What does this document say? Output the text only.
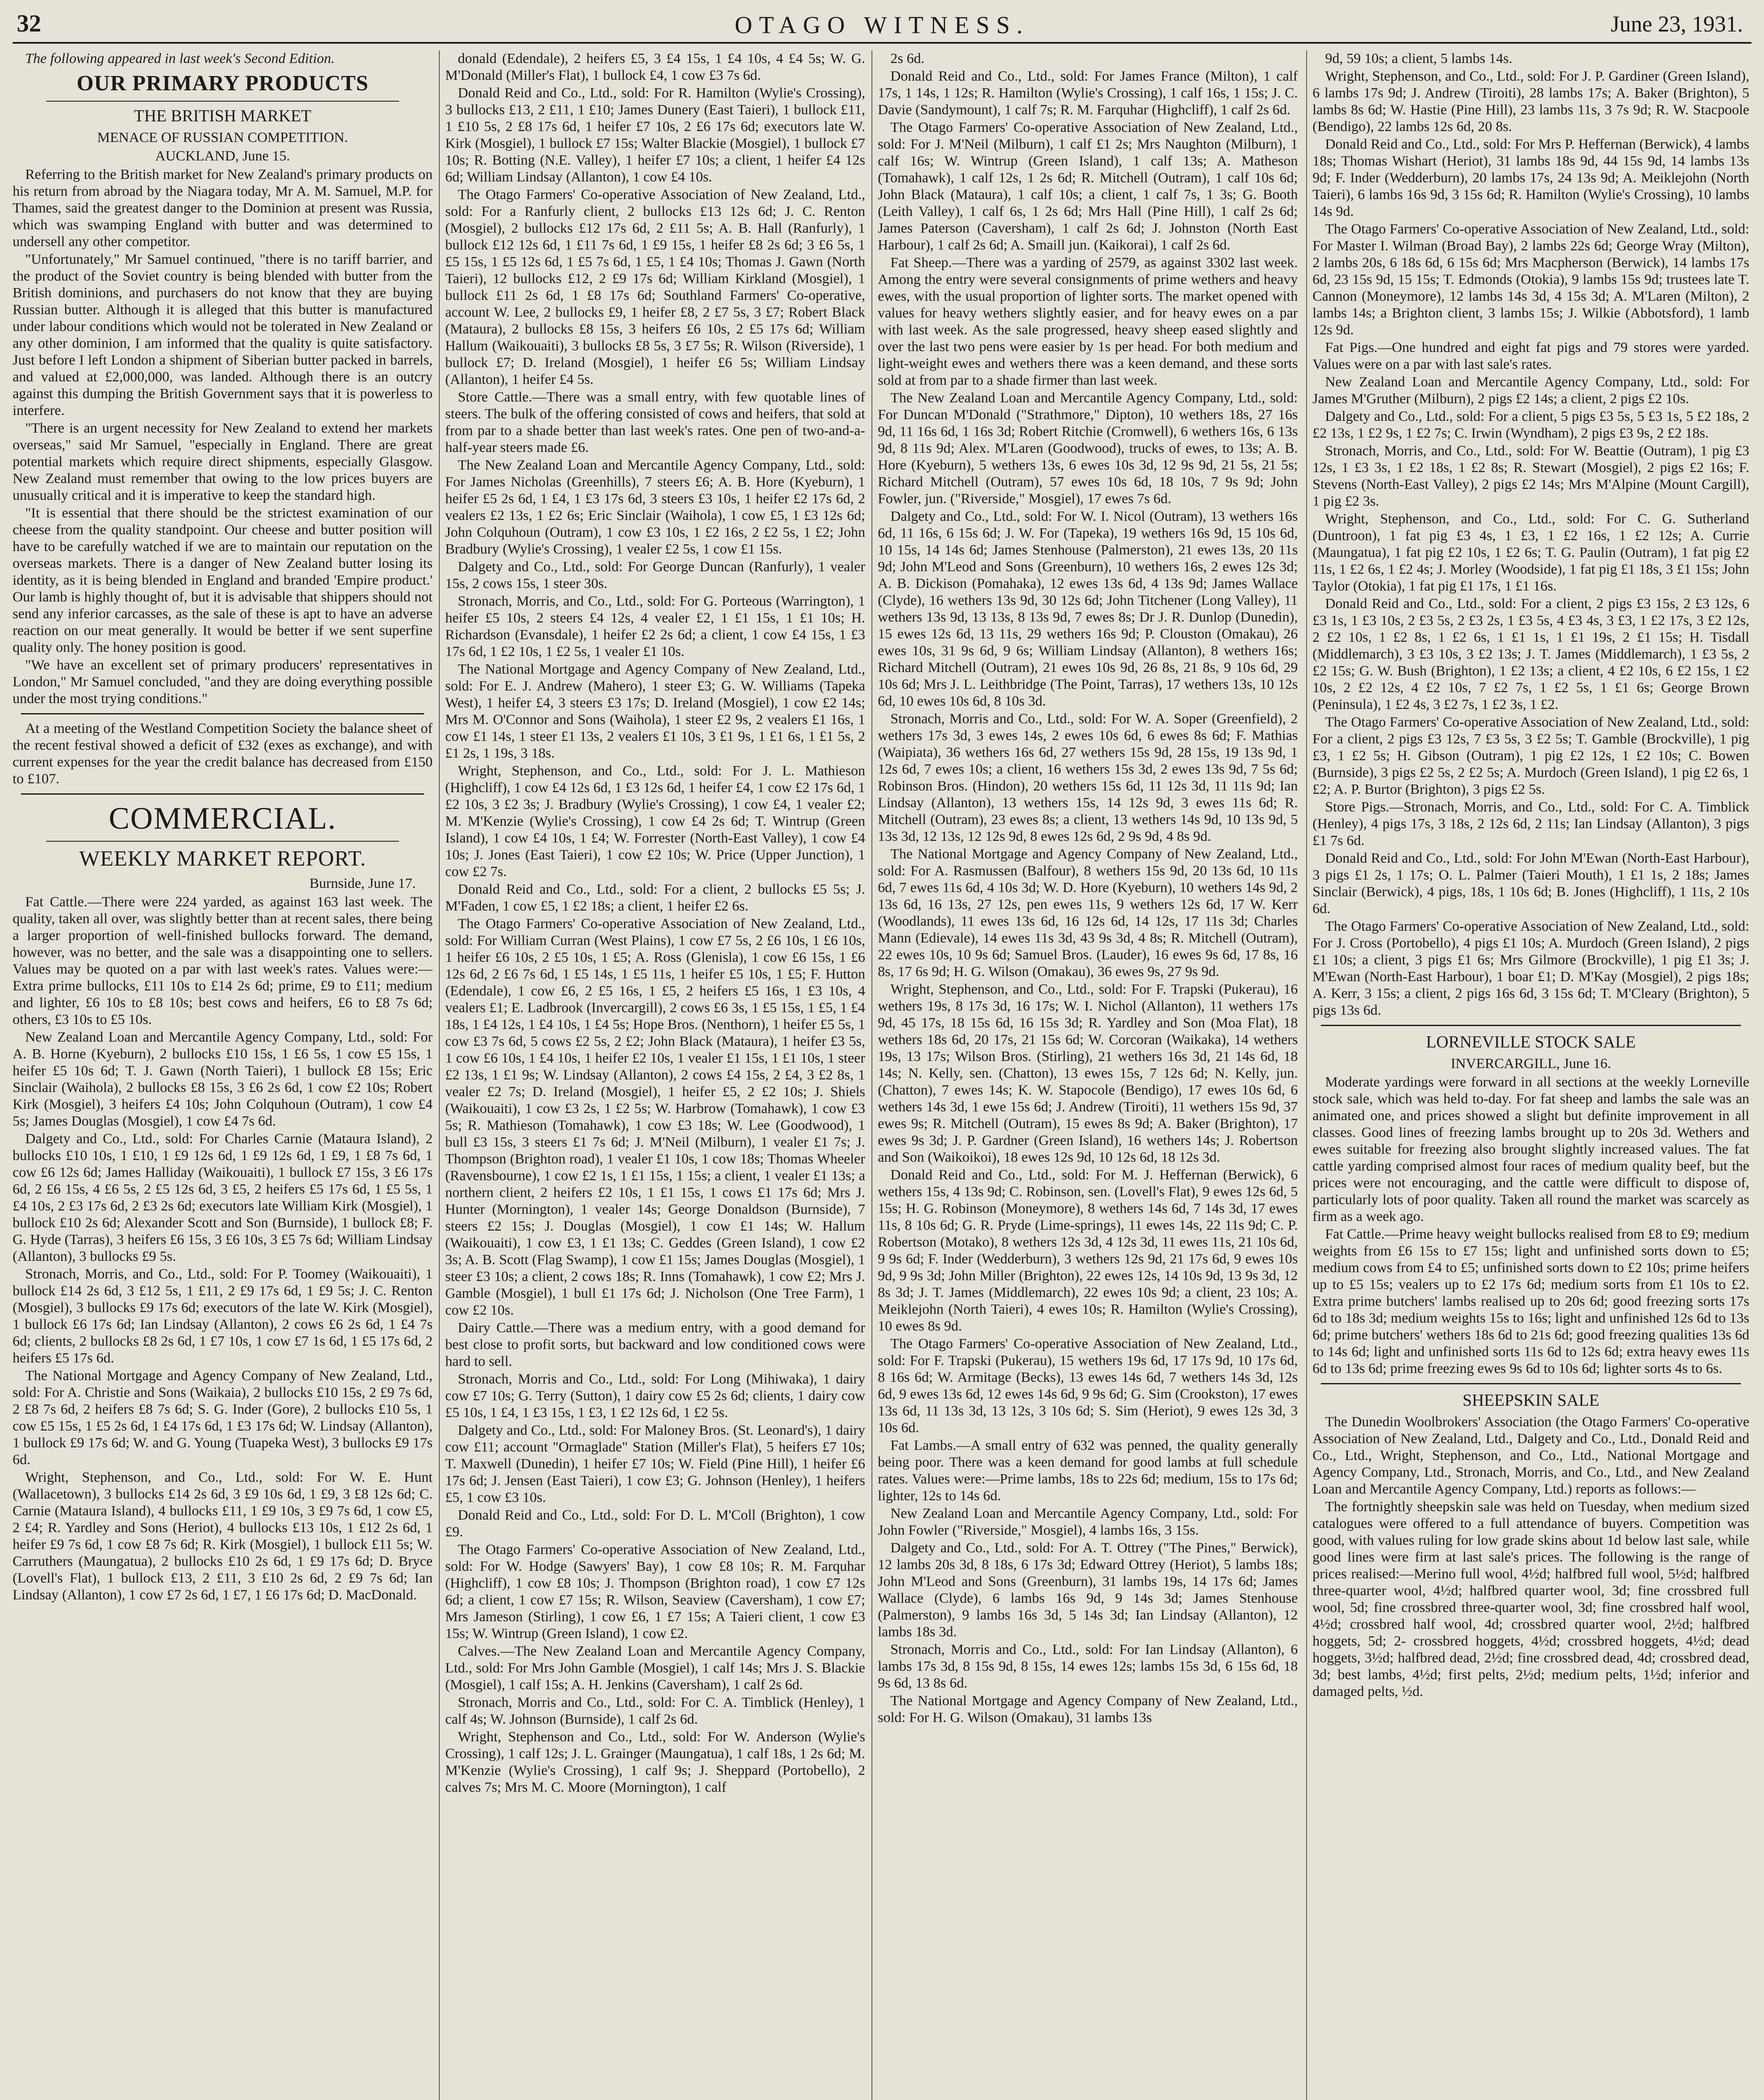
32	OTAGO WITNESS.	June 23, 1931.

The following appeared in last week's Second Edition.

OUR PRIMARY PRODUCTS
THE BRITISH MARKET
MENACE OF RUSSIAN COMPETITION.
AUCKLAND, June 15.

Referring to the British market for New Zealand's primary products on his return from abroad by the Niagara today, Mr A. M. Samuel, M.P. for Thames, said the greatest danger to the Dominion at present was Russia, which was swamping England with butter and was determined to undersell any other competitor.

"Unfortunately," Mr Samuel continued, "there is no tariff barrier, and the product of the Soviet country is being blended with butter from the British dominions, and purchasers do not know that they are buying Russian butter. Although it is alleged that this butter is manufactured under labour conditions which would not be tolerated in New Zealand or any other dominion, I am informed that the quality is quite satisfactory. Just before I left London a shipment of Siberian butter packed in barrels, and valued at £2,000,000, was landed. Although there is an outcry against this dumping the British Government says that it is powerless to interfere.

"There is an urgent necessity for New Zealand to extend her markets overseas," said Mr Samuel, "especially in England. There are great potential markets which require direct shipments, especially Glasgow. New Zealand must remember that owing to the low prices buyers are unusually critical and it is imperative to keep the standard high.

"It is essential that there should be the strictest examination of our cheese from the quality standpoint. Our cheese and butter position will have to be carefully watched if we are to maintain our reputation on the overseas markets. There is a danger of New Zealand butter losing its identity, as it is being blended in England and branded 'Empire product.' Our lamb is highly thought of, but it is advisable that shippers should not send any inferior carcasses, as the sale of these is apt to have an adverse reaction on our meat generally. It would be better if we sent superfine quality only. The honey position is good.

"We have an excellent set of primary producers' representatives in London," Mr Samuel concluded, "and they are doing everything possible under the most trying conditions."

At a meeting of the Westland Competition Society the balance sheet of the recent festival showed a deficit of £32 (exes as exchange), and with current expenses for the year the credit balance has decreased from £150 to £107.

COMMERCIAL.
WEEKLY MARKET REPORT.
Burnside, June 17.

Fat Cattle.—There were 224 yarded, as against 163 last week. The quality, taken all over, was slightly better than at recent sales, there being a larger proportion of well-finished bullocks forward. The demand, however, was no better, and the sale was a disappointing one to sellers. Values may be quoted on a par with last week's rates. Values were:—Extra prime bullocks, £11 10s to £14 2s 6d; prime, £9 to £11; medium and lighter, £6 10s to £8 10s; best cows and heifers, £6 to £8 7s 6d; others, £3 10s to £5 10s.

New Zealand Loan and Mercantile Agency Company, Ltd., sold: For A. B. Horne (Kyeburn), 2 bullocks £10 15s, 1 £6 5s, 1 cow £5 15s, 1 heifer £5 10s 6d; T. J. Gawn (North Taieri), 1 bullock £8 15s; Eric Sinclair (Waihola), 2 bullocks £8 15s, 3 £6 2s 6d, 1 cow £2 10s; Robert Kirk (Mosgiel), 3 heifers £4 10s; John Colquhoun (Outram), 1 cow £4 5s; James Douglas (Mosgiel), 1 cow £4 7s 6d.

Dalgety and Co., Ltd., sold: For Charles Carnie (Mataura Island), 2 bullocks £10 10s, 1 £10, 1 £9 12s 6d, 1 £9 12s 6d, 1 £9, 1 £8 7s 6d, 1 cow £6 12s 6d; James Halliday (Waikouaiti), 1 bullock £7 15s, 3 £6 17s 6d, 2 £6 15s, 4 £6 5s, 2 £5 12s 6d, 3 £5, 2 heifers £5 17s 6d, 1 £5 5s, 1 £4 10s, 2 £3 17s 6d, 2 £3 2s 6d; executors late William Kirk (Mosgiel), 1 bullock £10 2s 6d; Alexander Scott and Son (Burnside), 1 bullock £8; F. G. Hyde (Tarras), 3 heifers £6 15s, 3 £6 10s, 3 £5 7s 6d; William Lindsay (Allanton), 3 bullocks £9 5s.

Stronach, Morris, and Co., Ltd., sold: For P. Toomey (Waikouaiti), 1 bullock £14 2s 6d, 3 £12 5s, 1 £11, 2 £9 17s 6d, 1 £9 5s; J. C. Renton (Mosgiel), 3 bullocks £9 17s 6d; executors of the late W. Kirk (Mosgiel), 1 bullock £6 17s 6d; Ian Lindsay (Allanton), 2 cows £6 2s 6d, 1 £4 7s 6d; clients, 2 bullocks £8 2s 6d, 1 £7 10s, 1 cow £7 1s 6d, 1 £5 17s 6d, 2 heifers £5 17s 6d.

The National Mortgage and Agency Company of New Zealand, Ltd., sold: For A. Christie and Sons (Waikaia), 2 bullocks £10 15s, 2 £9 7s 6d, 2 £8 7s 6d, 2 heifers £8 7s 6d; S. G. Inder (Gore), 2 bullocks £10 5s, 1 cow £5 15s, 1 £5 2s 6d, 1 £4 17s 6d, 1 £3 17s 6d; W. Lindsay (Allanton), 1 bullock £9 17s 6d; W. and G. Young (Tuapeka West), 3 bullocks £9 17s 6d.

Wright, Stephenson, and Co., Ltd., sold: For W. E. Hunt (Wallacetown), 3 bullocks £14 2s 6d, 3 £9 10s 6d, 1 £9, 3 £8 12s 6d; C. Carnie (Mataura Island), 4 bullocks £11, 1 £9 10s, 3 £9 7s 6d, 1 cow £5, 2 £4; R. Yardley and Sons (Heriot), 4 bullocks £13 10s, 1 £12 2s 6d, 1 heifer £9 7s 6d, 1 cow £8 7s 6d; R. Kirk (Mosgiel), 1 bullock £11 5s; W. Carruthers (Maungatua), 2 bullocks £10 2s 6d, 1 £9 17s 6d; D. Bryce (Lovell's Flat), 1 bullock £13, 2 £11, 3 £10 2s 6d, 2 £9 7s 6d; Ian Lindsay (Allanton), 1 cow £7 2s 6d, 1 £7, 1 £6 17s 6d; D. MacDonald.

donald (Edendale), 2 heifers £5, 3 £4 15s, 1 £4 10s, 4 £4 5s; W. G. M'Donald (Miller's Flat), 1 bullock £4, 1 cow £3 7s 6d.

Donald Reid and Co., Ltd., sold: For R. Hamilton (Wylie's Crossing), 3 bullocks £13, 2 £11, 1 £10; James Dunery (East Taieri), 1 bullock £11, 1 £10 5s, 2 £8 17s 6d, 1 heifer £7 10s, 2 £6 17s 6d; executors late W. Kirk (Mosgiel), 1 bullock £7 15s; Walter Blackie (Mosgiel), 1 bullock £7 10s; R. Botting (N.E. Valley), 1 heifer £7 10s; a client, 1 heifer £4 12s 6d; William Lindsay (Allanton), 1 cow £4 10s.

The Otago Farmers' Co-operative Association of New Zealand, Ltd., sold: For a Ranfurly client, 2 bullocks £13 12s 6d; J. C. Renton (Mosgiel), 2 bullocks £12 17s 6d, 2 £11 5s; A. B. Hall (Ranfurly), 1 bullock £12 12s 6d, 1 £11 7s 6d, 1 £9 15s, 1 heifer £8 2s 6d; 3 £6 5s, 1 £5 15s, 1 £5 12s 6d, 1 £5 7s 6d, 1 £5, 1 £4 10s; Thomas J. Gawn (North Taieri), 12 bullocks £12, 2 £9 17s 6d; William Kirkland (Mosgiel), 1 bullock £11 2s 6d, 1 £8 17s 6d; Southland Farmers' Co-operative, account W. Lee, 2 bullocks £9, 1 heifer £8, 2 £7 5s, 3 £7; Robert Black (Mataura), 2 bullocks £8 15s, 3 heifers £6 10s, 2 £5 17s 6d; William Hallum (Waikouaiti), 3 bullocks £8 5s, 3 £7 5s; R. Wilson (Riverside), 1 bullock £7; D. Ireland (Mosgiel), 1 heifer £6 5s; William Lindsay (Allanton), 1 heifer £4 5s.

Store Cattle.—There was a small entry, with few quotable lines of steers. The bulk of the offering consisted of cows and heifers, that sold at from par to a shade better than last week's rates. One pen of two-and-a-half-year steers made £6.

The New Zealand Loan and Mercantile Agency Company, Ltd., sold: For James Nicholas (Greenhills), 7 steers £6; A. B. Hore (Kyeburn), 1 heifer £5 2s 6d, 1 £4, 1 £3 17s 6d, 3 steers £3 10s, 1 heifer £2 17s 6d, 2 vealers £2 13s, 1 £2 6s; Eric Sinclair (Waihola), 1 cow £5, 1 £3 12s 6d; John Colquhoun (Outram), 1 cow £3 10s, 1 £2 16s, 2 £2 5s, 1 £2; John Bradbury (Wylie's Crossing), 1 vealer £2 5s, 1 cow £1 15s.

Dalgety and Co., Ltd., sold: For George Duncan (Ranfurly), 1 vealer 15s, 2 cows 15s, 1 steer 30s.

Stronach, Morris, and Co., Ltd., sold: For G. Porteous (Warrington), 1 heifer £5 10s, 2 steers £4 12s, 4 vealer £2, 1 £1 15s, 1 £1 10s; H. Richardson (Evansdale), 1 heifer £2 2s 6d; a client, 1 cow £4 15s, 1 £3 17s 6d, 1 £2 10s, 1 £2 5s, 1 vealer £1 10s.

The National Mortgage and Agency Company of New Zealand, Ltd., sold: For E. J. Andrew (Mahero), 1 steer £3; G. W. Williams (Tapeka West), 1 heifer £4, 3 steers £3 17s; D. Ireland (Mosgiel), 1 cow £2 14s; Mrs M. O'Connor and Sons (Waihola), 1 steer £2 9s, 2 vealers £1 16s, 1 cow £1 14s, 1 steer £1 13s, 2 vealers £1 10s, 3 £1 9s, 1 £1 6s, 1 £1 5s, 2 £1 2s, 1 19s, 3 18s.

Wright, Stephenson, and Co., Ltd., sold: For J. L. Mathieson (Highcliff), 1 cow £4 12s 6d, 1 £3 12s 6d, 1 heifer £4, 1 cow £2 17s 6d, 1 £2 10s, 3 £2 3s; J. Bradbury (Wylie's Crossing), 1 cow £4, 1 vealer £2; M. M'Kenzie (Wylie's Crossing), 1 cow £4 2s 6d; T. Wintrup (Green Island), 1 cow £4 10s, 1 £4; W. Forrester (North-East Valley), 1 cow £4 10s; J. Jones (East Taieri), 1 cow £2 10s; W. Price (Upper Junction), 1 cow £2 7s.

Donald Reid and Co., Ltd., sold: For a client, 2 bullocks £5 5s; J. M'Faden, 1 cow £5, 1 £2 18s; a client, 1 heifer £2 6s.

The Otago Farmers' Co-operative Association of New Zealand, Ltd., sold: For William Curran (West Plains), 1 cow £7 5s, 2 £6 10s, 1 £6 10s, 1 heifer £6 10s, 2 £5 10s, 1 £5; A. Ross (Glenisla), 1 cow £6 15s, 1 £6 12s 6d, 2 £6 7s 6d, 1 £5 14s, 1 £5 11s, 1 heifer £5 10s, 1 £5; F. Hutton (Edendale), 1 cow £6, 2 £5 16s, 1 £5, 2 heifers £5 16s, 1 £3 10s, 4 vealers £1; E. Ladbrook (Invercargill), 2 cows £6 3s, 1 £5 15s, 1 £5, 1 £4 18s, 1 £4 12s, 1 £4 10s, 1 £4 5s; Hope Bros. (Nenthorn), 1 heifer £5 5s, 1 cow £3 7s 6d, 5 cows £2 5s, 2 £2; John Black (Mataura), 1 heifer £3 5s, 1 cow £6 10s, 1 £4 10s, 1 heifer £2 10s, 1 vealer £1 15s, 1 £1 10s, 1 steer £2 13s, 1 £1 9s; W. Lindsay (Allanton), 2 cows £4 15s, 2 £4, 3 £2 8s, 1 vealer £2 7s; D. Ireland (Mosgiel), 1 heifer £5, 2 £2 10s; J. Shiels (Waikouaiti), 1 cow £3 2s, 1 £2 5s; W. Harbrow (Tomahawk), 1 cow £3 5s; R. Mathieson (Tomahawk), 1 cow £3 18s; W. Lee (Goodwood), 1 bull £3 15s, 3 steers £1 7s 6d; J. M'Neil (Milburn), 1 vealer £1 7s; J. Thompson (Brighton road), 1 vealer £1 10s, 1 cow 18s; Thomas Wheeler (Ravensbourne), 1 cow £2 1s, 1 £1 15s, 1 15s; a client, 1 vealer £1 13s; a northern client, 2 heifers £2 10s, 1 £1 15s, 1 cows £1 17s 6d; Mrs J. Hunter (Mornington), 1 vealer 14s; George Donaldson (Burnside), 7 steers £2 15s; J. Douglas (Mosgiel), 1 cow £1 14s; W. Hallum (Waikouaiti), 1 cow £3, 1 £1 13s; C. Geddes (Green Island), 1 cow £2 3s; A. B. Scott (Flag Swamp), 1 cow £1 15s; James Douglas (Mosgiel), 1 steer £3 10s; a client, 2 cows 18s; R. Inns (Tomahawk), 1 cow £2; Mrs J. Gamble (Mosgiel), 1 bull £1 17s 6d; J. Nicholson (One Tree Farm), 1 cow £2 10s.

Dairy Cattle.—There was a medium entry, with a good demand for best close to profit sorts, but backward and low conditioned cows were hard to sell.

Stronach, Morris and Co., Ltd., sold: For Long (Mihiwaka), 1 dairy cow £7 10s; G. Terry (Sutton), 1 dairy cow £5 2s 6d; clients, 1 dairy cow £5 10s, 1 £4, 1 £3 15s, 1 £3, 1 £2 12s 6d, 1 £2 5s.

Dalgety and Co., Ltd., sold: For Maloney Bros. (St. Leonard's), 1 dairy cow £11; account "Ormaglade" Station (Miller's Flat), 5 heifers £7 10s; T. Maxwell (Dunedin), 1 heifer £7 10s; W. Field (Pine Hill), 1 heifer £6 17s 6d; J. Jensen (East Taieri), 1 cow £3; G. Johnson (Henley), 1 heifers £5, 1 cow £3 10s.

Donald Reid and Co., Ltd., sold: For D. L. M'Coll (Brighton), 1 cow £9.

The Otago Farmers' Co-operative Association of New Zealand, Ltd., sold: For W. Hodge (Sawyers' Bay), 1 cow £8 10s; R. M. Farquhar (Highcliff), 1 cow £8 10s; J. Thompson (Brighton road), 1 cow £7 12s 6d; a client, 1 cow £7 15s; R. Wilson, Seaview (Caversham), 1 cow £7; Mrs Jameson (Stirling), 1 cow £6, 1 £7 15s; A Taieri client, 1 cow £3 15s; W. Wintrup (Green Island), 1 cow £2.

Calves.—The New Zealand Loan and Mercantile Agency Company, Ltd., sold: For Mrs John Gamble (Mosgiel), 1 calf 14s; Mrs J. S. Blackie (Mosgiel), 1 calf 15s; A. H. Jenkins (Caversham), 1 calf 2s 6d.

Stronach, Morris and Co., Ltd., sold: For C. A. Timblick (Henley), 1 calf 4s; W. Johnson (Burnside), 1 calf 2s 6d.

Wright, Stephenson and Co., Ltd., sold: For W. Anderson (Wylie's Crossing), 1 calf 12s; J. L. Grainger (Maungatua), 1 calf 18s, 1 2s 6d; M. M'Kenzie (Wylie's Crossing), 1 calf 9s; J. Sheppard (Portobello), 2 calves 7s; Mrs M. C. Moore (Mornington), 1 calf

2s 6d.

Donald Reid and Co., Ltd., sold: For James France (Milton), 1 calf 17s, 1 14s, 1 12s; R. Hamilton (Wylie's Crossing), 1 calf 16s, 1 15s; J. C. Davie (Sandymount), 1 calf 7s; R. M. Farquhar (Highcliff), 1 calf 2s 6d.

The Otago Farmers' Co-operative Association of New Zealand, Ltd., sold: For J. M'Neil (Milburn), 1 calf £1 2s; Mrs Naughton (Milburn), 1 calf 16s; W. Wintrup (Green Island), 1 calf 13s; A. Matheson (Tomahawk), 1 calf 12s, 1 2s 6d; R. Mitchell (Outram), 1 calf 10s 6d; John Black (Mataura), 1 calf 10s; a client, 1 calf 7s, 1 3s; G. Booth (Leith Valley), 1 calf 6s, 1 2s 6d; Mrs Hall (Pine Hill), 1 calf 2s 6d; James Paterson (Caversham), 1 calf 2s 6d; J. Johnston (North East Harbour), 1 calf 2s 6d; A. Smaill jun. (Kaikorai), 1 calf 2s 6d.

Fat Sheep.—There was a yarding of 2579, as against 3302 last week. Among the entry were several consignments of prime wethers and heavy ewes, with the usual proportion of lighter sorts. The market opened with values for heavy wethers slightly easier, and for heavy ewes on a par with last week. As the sale progressed, heavy sheep eased slightly and over the last two pens were easier by 1s per head. For both medium and light-weight ewes and wethers there was a keen demand, and these sorts sold at from par to a shade firmer than last week.

The New Zealand Loan and Mercantile Agency Company, Ltd., sold: For Duncan M'Donald ("Strathmore," Dipton), 10 wethers 18s, 27 16s 9d, 11 16s 6d, 1 16s 3d; Robert Ritchie (Cromwell), 6 wethers 16s, 6 13s 9d, 8 11s 9d; Alex. M'Laren (Goodwood), trucks of ewes, to 13s; A. B. Hore (Kyeburn), 5 wethers 13s, 6 ewes 10s 3d, 12 9s 9d, 21 5s, 21 5s; Richard Mitchell (Outram), 57 ewes 10s 6d, 18 10s, 7 9s 9d; John Fowler, jun. ("Riverside," Mosgiel), 17 ewes 7s 6d.

Dalgety and Co., Ltd., sold: For W. I. Nicol (Outram), 13 wethers 16s 6d, 11 16s, 6 15s 6d; J. W. For (Tapeka), 19 wethers 16s 9d, 15 10s 6d, 10 15s, 14 14s 6d; James Stenhouse (Palmerston), 21 ewes 13s, 20 11s 9d; John M'Leod and Sons (Greenburn), 10 wethers 16s, 2 ewes 12s 3d; A. B. Dickison (Pomahaka), 12 ewes 13s 6d, 4 13s 9d; James Wallace (Clyde), 16 wethers 13s 9d, 30 12s 6d; John Titchener (Long Valley), 11 wethers 13s 9d, 13 13s, 8 13s 9d, 7 ewes 8s; Dr J. R. Dunlop (Dunedin), 15 ewes 12s 6d, 13 11s, 29 wethers 16s 9d; P. Clouston (Omakau), 26 ewes 10s, 31 9s 6d, 9 6s; William Lindsay (Allanton), 8 wethers 16s; Richard Mitchell (Outram), 21 ewes 10s 9d, 26 8s, 21 8s, 9 10s 6d, 29 10s 6d; Mrs J. L. Leithbridge (The Point, Tarras), 17 wethers 13s, 10 12s 6d, 10 ewes 10s 6d, 8 10s 3d.

Stronach, Morris and Co., Ltd., sold: For W. A. Soper (Greenfield), 2 wethers 17s 3d, 3 ewes 14s, 2 ewes 10s 6d, 6 ewes 8s 6d; F. Mathias (Waipiata), 36 wethers 16s 6d, 27 wethers 15s 9d, 28 15s, 19 13s 9d, 1 12s 6d, 7 ewes 10s; a client, 16 wethers 15s 3d, 2 ewes 13s 9d, 7 5s 6d; Robinson Bros. (Hindon), 20 wethers 15s 6d, 11 12s 3d, 11 11s 9d; Ian Lindsay (Allanton), 13 wethers 15s, 14 12s 9d, 3 ewes 11s 6d; R. Mitchell (Outram), 23 ewes 8s; a client, 13 wethers 14s 9d, 10 13s 9d, 5 13s 3d, 12 13s, 12 12s 9d, 8 ewes 12s 6d, 2 9s 9d, 4 8s 9d.

The National Mortgage and Agency Company of New Zealand, Ltd., sold: For A. Rasmussen (Balfour), 8 wethers 15s 9d, 20 13s 6d, 10 11s 6d, 7 ewes 11s 6d, 4 10s 3d; W. D. Hore (Kyeburn), 10 wethers 14s 9d, 2 13s 6d, 16 13s, 27 12s, pen ewes 11s, 9 wethers 12s 6d, 17 W. Kerr (Woodlands), 11 ewes 13s 6d, 16 12s 6d, 14 12s, 17 11s 3d; Charles Mann (Edievale), 14 ewes 11s 3d, 43 9s 3d, 4 8s; R. Mitchell (Outram), 22 ewes 10s, 10 9s 6d; Samuel Bros. (Lauder), 16 ewes 9s 6d, 17 8s, 16 8s, 17 6s 9d; H. G. Wilson (Omakau), 36 ewes 9s, 27 9s 9d.

Wright, Stephenson, and Co., Ltd., sold: For F. Trapski (Pukerau), 16 wethers 19s, 8 17s 3d, 16 17s; W. I. Nichol (Allanton), 11 wethers 17s 9d, 45 17s, 18 15s 6d, 16 15s 3d; R. Yardley and Son (Moa Flat), 18 wethers 18s 6d, 20 17s, 21 15s 6d; W. Corcoran (Waikaka), 14 wethers 19s, 13 17s; Wilson Bros. (Stirling), 21 wethers 16s 3d, 21 14s 6d, 18 14s; N. Kelly, sen. (Chatton), 13 ewes 15s, 7 12s 6d; N. Kelly, jun. (Chatton), 7 ewes 14s; K. W. Stapocole (Bendigo), 17 ewes 10s 6d, 6 wethers 14s 3d, 1 ewe 15s 6d; J. Andrew (Tiroiti), 11 wethers 15s 9d, 37 ewes 9s; R. Mitchell (Outram), 15 ewes 8s 9d; A. Baker (Brighton), 17 ewes 9s 3d; J. P. Gardner (Green Island), 16 wethers 14s; J. Robertson and Son (Waikoikoi), 18 ewes 12s 9d, 10 12s 6d, 18 12s 3d.

Donald Reid and Co., Ltd., sold: For M. J. Heffernan (Berwick), 6 wethers 15s, 4 13s 9d; C. Robinson, sen. (Lovell's Flat), 9 ewes 12s 6d, 5 15s; H. G. Robinson (Moneymore), 8 wethers 14s 6d, 7 14s 3d, 17 ewes 11s, 8 10s 6d; G. R. Pryde (Lime-springs), 11 ewes 14s, 22 11s 9d; C. P. Robertson (Motako), 8 wethers 12s 3d, 4 12s 3d, 11 ewes 11s, 21 10s 6d, 9 9s 6d; F. Inder (Wedderburn), 3 wethers 12s 9d, 21 17s 6d, 9 ewes 10s 9d, 9 9s 3d; John Miller (Brighton), 22 ewes 12s, 14 10s 9d, 13 9s 3d, 12 8s 3d; J. T. James (Middlemarch), 22 ewes 10s 9d; a client, 23 10s; A. Meiklejohn (North Taieri), 4 ewes 10s; R. Hamilton (Wylie's Crossing), 10 ewes 8s 9d.

The Otago Farmers' Co-operative Association of New Zealand, Ltd., sold: For F. Trapski (Pukerau), 15 wethers 19s 6d, 17 17s 9d, 10 17s 6d, 8 16s 6d; W. Armitage (Becks), 13 ewes 14s 6d, 7 wethers 14s 3d, 12s 6d, 9 ewes 13s 6d, 12 ewes 14s 6d, 9 9s 6d; G. Sim (Crookston), 17 ewes 13s 6d, 11 13s 3d, 13 12s, 3 10s 6d; S. Sim (Heriot), 9 ewes 12s 3d, 3 10s 6d.

Fat Lambs.—A small entry of 632 was penned, the quality generally being poor. There was a keen demand for good lambs at full schedule rates. Values were:—Prime lambs, 18s to 22s 6d; medium, 15s to 17s 6d; lighter, 12s to 14s 6d.

New Zealand Loan and Mercantile Agency Company, Ltd., sold: For John Fowler ("Riverside," Mosgiel), 4 lambs 16s, 3 15s.

Dalgety and Co., Ltd., sold: For A. T. Ottrey ("The Pines," Berwick), 12 lambs 20s 3d, 8 18s, 6 17s 3d; Edward Ottrey (Heriot), 5 lambs 18s; John M'Leod and Sons (Greenburn), 31 lambs 19s, 14 17s 6d; James Wallace (Clyde), 6 lambs 16s 9d, 9 14s 3d; James Stenhouse (Palmerston), 9 lambs 16s 3d, 5 14s 3d; Ian Lindsay (Allanton), 12 lambs 18s 3d.

Stronach, Morris and Co., Ltd., sold: For Ian Lindsay (Allanton), 6 lambs 17s 3d, 8 15s 9d, 8 15s, 14 ewes 12s; lambs 15s 3d, 6 15s 6d, 18 9s 6d, 13 8s 6d.

The National Mortgage and Agency Company of New Zealand, Ltd., sold: For H. G. Wilson (Omakau), 31 lambs 13s

9d, 59 10s; a client, 5 lambs 14s.

Wright, Stephenson, and Co., Ltd., sold: For J. P. Gardiner (Green Island), 6 lambs 17s 9d; J. Andrew (Tiroiti), 28 lambs 17s; A. Baker (Brighton), 5 lambs 8s 6d; W. Hastie (Pine Hill), 23 lambs 11s, 3 7s 9d; R. W. Stacpoole (Bendigo), 22 lambs 12s 6d, 20 8s.

Donald Reid and Co., Ltd., sold: For Mrs P. Heffernan (Berwick), 4 lambs 18s; Thomas Wishart (Heriot), 31 lambs 18s 9d, 44 15s 9d, 14 lambs 13s 9d; F. Inder (Wedderburn), 20 lambs 17s, 24 13s 9d; A. Meiklejohn (North Taieri), 6 lambs 16s 9d, 3 15s 6d; R. Hamilton (Wylie's Crossing), 10 lambs 14s 9d.

The Otago Farmers' Co-operative Association of New Zealand, Ltd., sold: For Master I. Wilman (Broad Bay), 2 lambs 22s 6d; George Wray (Milton), 2 lambs 20s, 6 18s 6d, 6 15s 6d; Mrs Macpherson (Berwick), 14 lambs 17s 6d, 23 15s 9d, 15 15s; T. Edmonds (Otokia), 9 lambs 15s 9d; trustees late T. Cannon (Moneymore), 12 lambs 14s 3d, 4 15s 3d; A. M'Laren (Milton), 2 lambs 14s; a Brighton client, 3 lambs 15s; J. Wilkie (Abbotsford), 1 lamb 12s 9d.

Fat Pigs.—One hundred and eight fat pigs and 79 stores were yarded. Values were on a par with last sale's rates.

New Zealand Loan and Mercantile Agency Company, Ltd., sold: For James M'Gruther (Milburn), 2 pigs £2 14s; a client, 2 pigs £2 10s.

Dalgety and Co., Ltd., sold: For a client, 5 pigs £3 5s, 5 £3 1s, 5 £2 18s, 2 £2 13s, 1 £2 9s, 1 £2 7s; C. Irwin (Wyndham), 2 pigs £3 9s, 2 £2 18s.

Stronach, Morris, and Co., Ltd., sold: For W. Beattie (Outram), 1 pig £3 12s, 1 £3 3s, 1 £2 18s, 1 £2 8s; R. Stewart (Mosgiel), 2 pigs £2 16s; F. Stevens (North-East Valley), 2 pigs £2 14s; Mrs M'Alpine (Mount Cargill), 1 pig £2 3s.

Wright, Stephenson, and Co., Ltd., sold: For C. G. Sutherland (Duntroon), 1 fat pig £3 4s, 1 £3, 1 £2 16s, 1 £2 12s; A. Currie (Maungatua), 1 fat pig £2 10s, 1 £2 6s; T. G. Paulin (Outram), 1 fat pig £2 11s, 1 £2 6s, 1 £2 4s; J. Morley (Woodside), 1 fat pig £1 18s, 3 £1 15s; John Taylor (Otokia), 1 fat pig £1 17s, 1 £1 16s.

Donald Reid and Co., Ltd., sold: For a client, 2 pigs £3 15s, 2 £3 12s, 6 £3 1s, 1 £3 10s, 2 £3 5s, 2 £3 2s, 1 £3 5s, 4 £3 4s, 3 £3, 1 £2 17s, 3 £2 12s, 2 £2 10s, 1 £2 8s, 1 £2 6s, 1 £1 1s, 1 £1 19s, 2 £1 15s; H. Tisdall (Middlemarch), 3 £3 10s, 3 £2 13s; J. T. James (Middlemarch), 1 £3 5s, 2 £2 15s; G. W. Bush (Brighton), 1 £2 13s; a client, 4 £2 10s, 6 £2 15s, 1 £2 10s, 2 £2 12s, 4 £2 10s, 7 £2 7s, 1 £2 5s, 1 £1 6s; George Brown (Peninsula), 1 £2 4s, 3 £2 7s, 1 £2 3s, 1 £2.

The Otago Farmers' Co-operative Association of New Zealand, Ltd., sold: For a client, 2 pigs £3 12s, 7 £3 5s, 3 £2 5s; T. Gamble (Brockville), 1 pig £3, 1 £2 5s; H. Gibson (Outram), 1 pig £2 12s, 1 £2 10s; C. Bowen (Burnside), 3 pigs £2 5s, 2 £2 5s; A. Murdoch (Green Island), 1 pig £2 6s, 1 £2; A. P. Burtor (Brighton), 3 pigs £2 5s.

Store Pigs.—Stronach, Morris, and Co., Ltd., sold: For C. A. Timblick (Henley), 4 pigs 17s, 3 18s, 2 12s 6d, 2 11s; Ian Lindsay (Allanton), 3 pigs £1 7s 6d.

Donald Reid and Co., Ltd., sold: For John M'Ewan (North-East Harbour), 3 pigs £1 2s, 1 17s; O. L. Palmer (Taieri Mouth), 1 £1 1s, 2 18s; James Sinclair (Berwick), 4 pigs, 18s, 1 10s 6d; B. Jones (Highcliff), 1 11s, 2 10s 6d.

The Otago Farmers' Co-operative Association of New Zealand, Ltd., sold: For J. Cross (Portobello), 4 pigs £1 10s; A. Murdoch (Green Island), 2 pigs £1 10s; a client, 3 pigs £1 6s; Mrs Gilmore (Brockville), 1 pig £1 3s; J. M'Ewan (North-East Harbour), 1 boar £1; D. M'Kay (Mosgiel), 2 pigs 18s; A. Kerr, 3 15s; a client, 2 pigs 16s 6d, 3 15s 6d; T. M'Cleary (Brighton), 5 pigs 13s 6d.

LORNEVILLE STOCK SALE
INVERCARGILL, June 16.

Moderate yardings were forward in all sections at the weekly Lorneville stock sale, which was held to-day. For fat sheep and lambs the sale was an animated one, and prices showed a slight but definite improvement in all classes. Good lines of freezing lambs brought up to 20s 3d. Wethers and ewes suitable for freezing also brought slightly increased values. The fat cattle yarding comprised almost four races of medium quality beef, but the prices were not encouraging, and the cattle were difficult to dispose of, particularly lots of poor quality. Taken all round the market was scarcely as firm as a week ago.

Fat Cattle.—Prime heavy weight bullocks realised from £8 to £9; medium weights from £6 15s to £7 15s; light and unfinished sorts down to £5; medium cows from £4 to £5; unfinished sorts down to £2 10s; prime heifers up to £5 15s; vealers up to £2 17s 6d; medium sorts from £1 10s to £2. Extra prime butchers' lambs realised up to 20s 6d; good freezing sorts 17s 6d to 18s 3d; medium weights 15s to 16s; light and unfinished 12s 6d to 13s 6d; prime butchers' wethers 18s 6d to 21s 6d; good freezing qualities 13s 6d to 14s 6d; light and unfinished sorts 11s 6d to 12s 6d; extra heavy ewes 11s 6d to 13s 6d; prime freezing ewes 9s 6d to 10s 6d; lighter sorts 4s to 6s.

SHEEPSKIN SALE

The Dunedin Woolbrokers' Association (the Otago Farmers' Co-operative Association of New Zealand, Ltd., Dalgety and Co., Ltd., Donald Reid and Co., Ltd., Wright, Stephenson, and Co., Ltd., National Mortgage and Agency Company, Ltd., Stronach, Morris, and Co., Ltd., and New Zealand Loan and Mercantile Agency Company, Ltd.) reports as follows:—

The fortnightly sheepskin sale was held on Tuesday, when medium sized catalogues were offered to a full attendance of buyers. Competition was good, with values ruling for low grade skins about 1d below last sale, while good lines were firm at last sale's prices. The following is the range of prices realised:—Merino full wool, 4½d; halfbred full wool, 5½d; halfbred three-quarter wool, 4½d; halfbred quarter wool, 3d; fine crossbred full wool, 5d; fine crossbred three-quarter wool, 3d; fine crossbred half wool, 4½d; crossbred half wool, 4d; crossbred quarter wool, 2½d; halfbred hoggets, 5d; 2- crossbred hoggets, 4½d; crossbred hoggets, 4½d; dead hoggets, 3½d; halfbred dead, 2½d; fine crossbred dead, 4d; crossbred dead, 3d; best lambs, 4½d; first pelts, 2½d; medium pelts, 1½d; inferior and damaged pelts, ½d.
